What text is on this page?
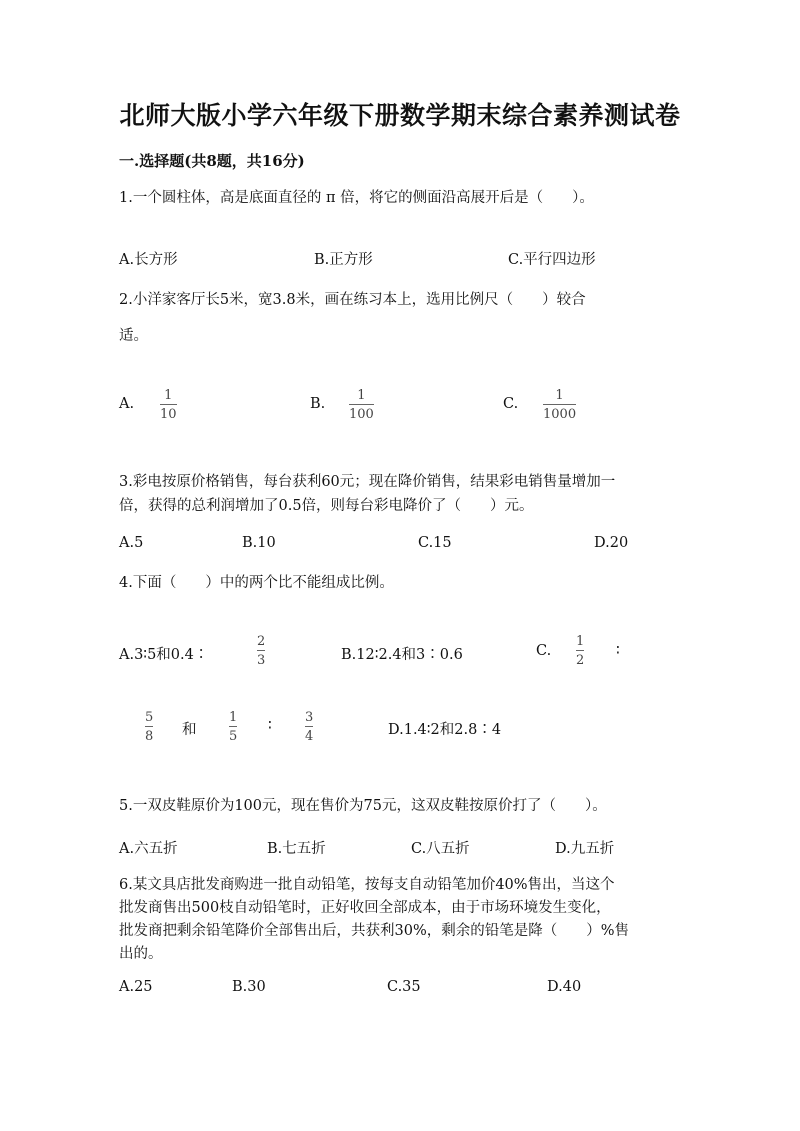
北师大版小学六年级下册数学期末综合素养测试卷
一.选择题(共8题，共16分)
1.一个圆柱体，高是底面直径的 π 倍，将它的侧面沿高展开后是（　　）。
A.长方形	B.正方形	C.平行四边形
2.小洋家客厅长5米，宽3.8米，画在练习本上，选用比例尺（　　）较合
适。
A.
1
10
B.
1
100
C.
1
1000
3.彩电按原价格销售，每台获利60元；现在降价销售，结果彩电销售量增加一
倍，获得的总利润增加了0.5倍，则每台彩电降价了（　　）元。
A.5	B.10	C.15	D.20
4.下面（　　）中的两个比不能组成比例。
A.3∶5和0.4∶
2
3	B.12∶2.4和3∶0.6	C.
1
2
∶
5
8 和
1
5
∶
3
4	D.1.4∶2和2.8∶4
5.一双皮鞋原价为100元，现在售价为75元，这双皮鞋按原价打了（　　）。
A.六五折	B.七五折	C.八五折	D.九五折
6.某文具店批发商购进一批自动铅笔，按每支自动铅笔加价40%售出，当这个
批发商售出500枝自动铅笔时，正好收回全部成本，由于市场环境发生变化，
批发商把剩余铅笔降价全部售出后，共获利30%，剩余的铅笔是降（　　）%售
出的。
A.25	B.30	C.35	D.40
